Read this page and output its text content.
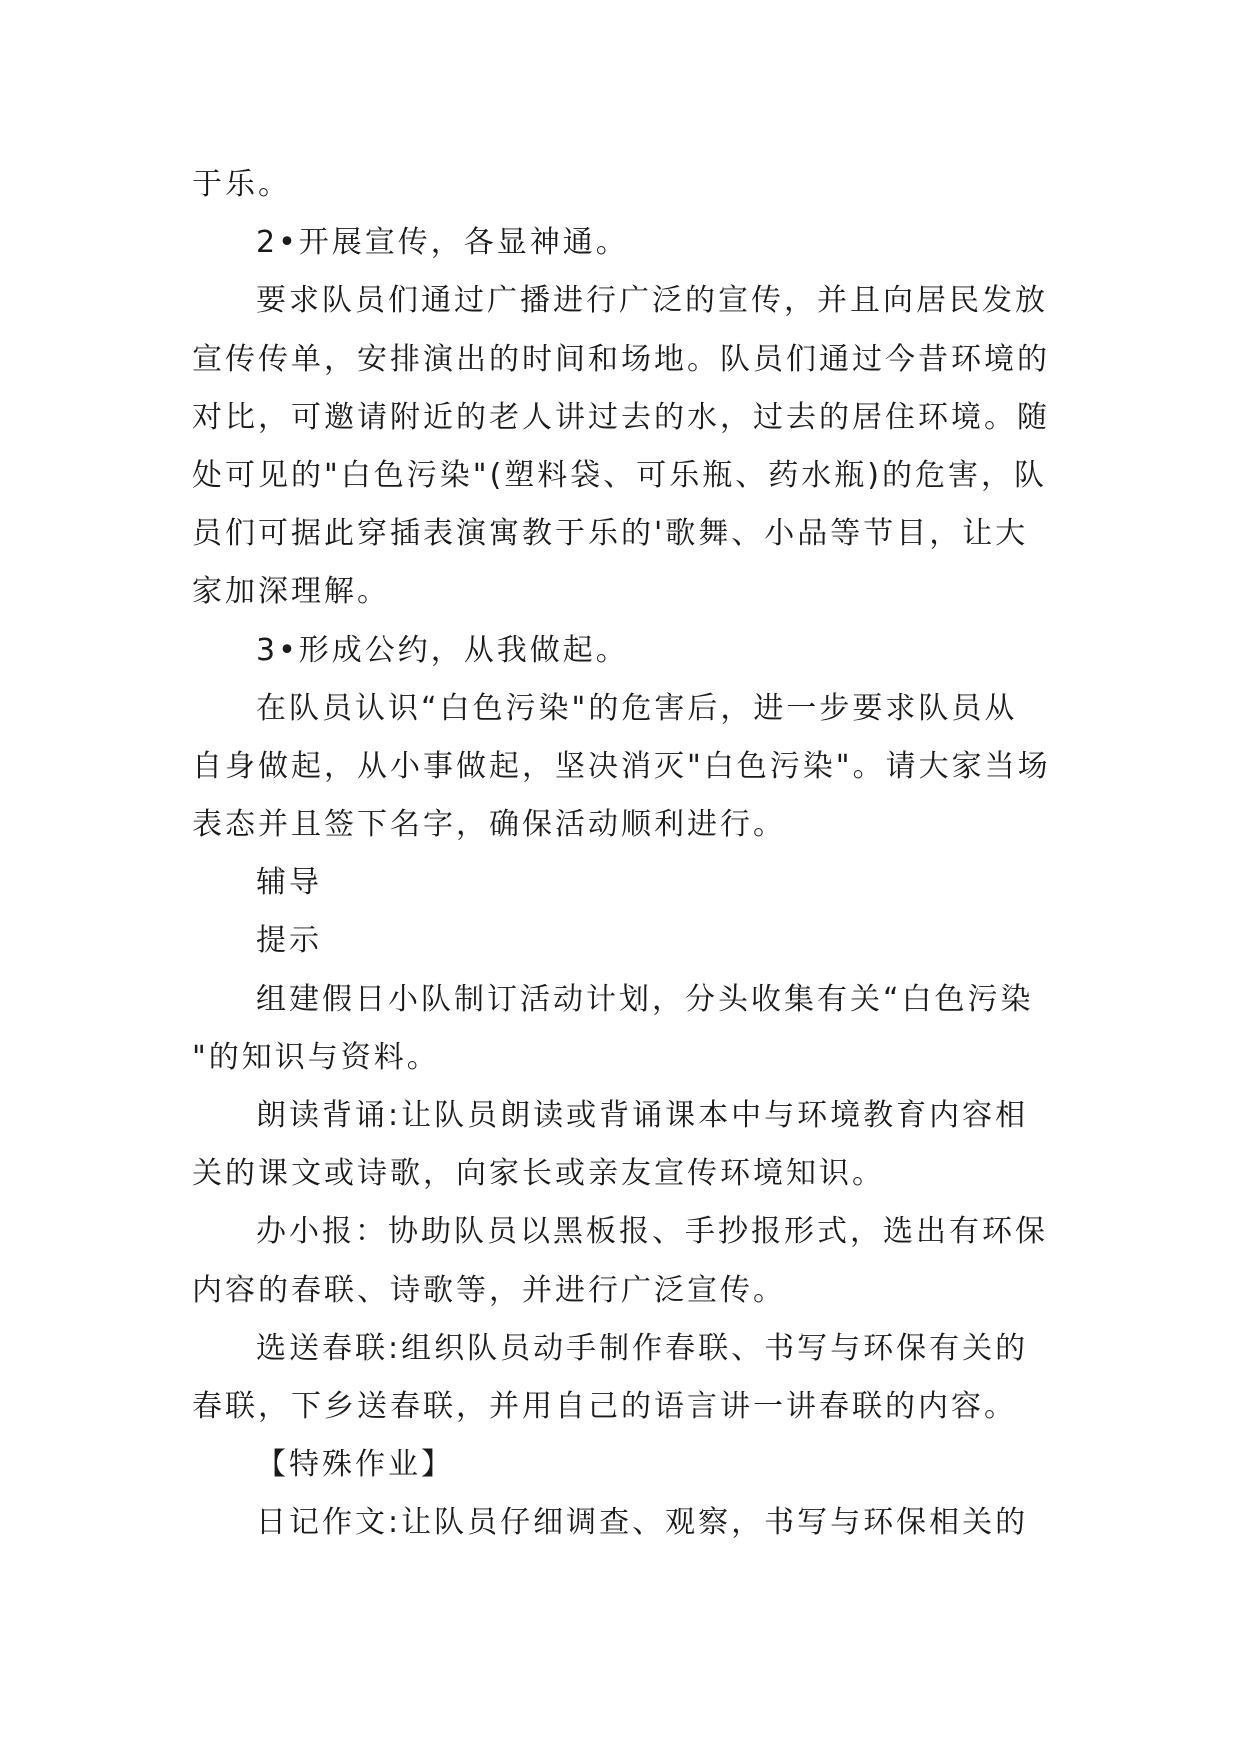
于乐。
2•开展宣传，各显神通。
要求队员们通过广播进行广泛的宣传，并且向居民发放
宣传传单，安排演出的时间和场地。队员们通过今昔环境的
对比，可邀请附近的老人讲过去的水，过去的居住环境。随
处可见的"白色污染"(塑料袋、可乐瓶、药水瓶)的危害，队
员们可据此穿插表演寓教于乐的'歌舞、小品等节目，让大
家加深理解。
3•形成公约，从我做起。
在队员认识“白色污染"的危害后，进一步要求队员从
自身做起，从小事做起，坚决消灭"白色污染"。请大家当场
表态并且签下名字，确保活动顺利进行。
辅导
提示
组建假日小队制订活动计划，分头收集有关“白色污染
"的知识与资料。
朗读背诵:让队员朗读或背诵课本中与环境教育内容相
关的课文或诗歌，向家长或亲友宣传环境知识。
办小报：协助队员以黑板报、手抄报形式，选出有环保
内容的春联、诗歌等，并进行广泛宣传。
选送春联:组织队员动手制作春联、书写与环保有关的
春联，下乡送春联，并用自己的语言讲一讲春联的内容。
【特殊作业】
日记作文:让队员仔细调查、观察，书写与环保相关的
